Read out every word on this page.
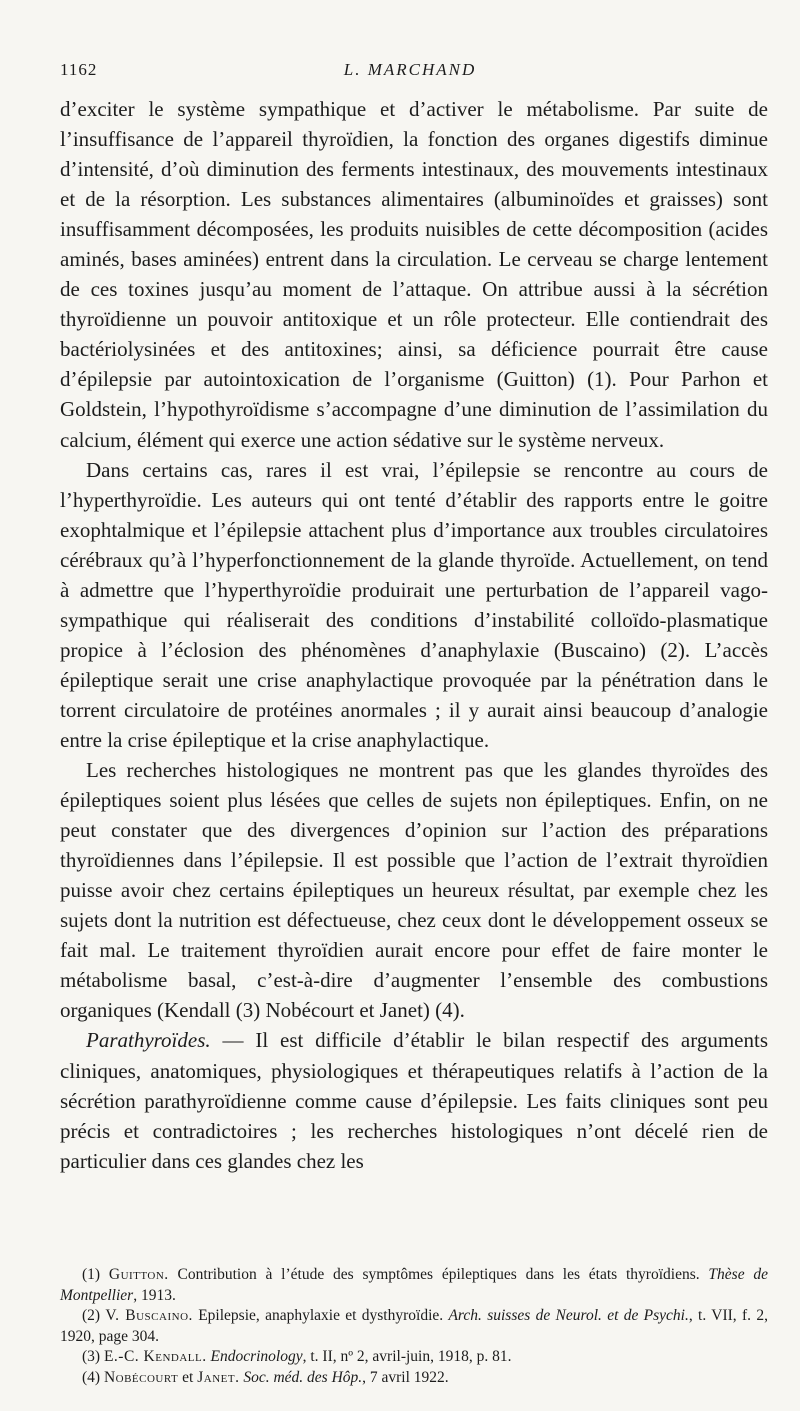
1162	L. MARCHAND

d’exciter le système sympathique et d’activer le métabolisme. Par suite de l’insuffisance de l’appareil thyroïdien, la fonction des organes digestifs diminue d’intensité, d’où diminution des ferments intestinaux, des mouvements intestinaux et de la résorption. Les substances alimentaires (albuminoïdes et graisses) sont insuffisamment décomposées, les produits nuisibles de cette décomposition (acides aminés, bases aminées) entrent dans la circulation. Le cerveau se charge lentement de ces toxines jusqu’au moment de l’attaque. On attribue aussi à la sécrétion thyroïdienne un pouvoir antitoxique et un rôle protecteur. Elle contiendrait des bactériolysinées et des antitoxines; ainsi, sa déficience pourrait être cause d’épilepsie par autointoxication de l’organisme (Guitton) (1). Pour Parhon et Goldstein, l’hypothyroïdisme s’accompagne d’une diminution de l’assimilation du calcium, élément qui exerce une action sédative sur le système nerveux.

Dans certains cas, rares il est vrai, l’épilepsie se rencontre au cours de l’hyperthyroïdie. Les auteurs qui ont tenté d’établir des rapports entre le goitre exophtalmique et l’épilepsie attachent plus d’importance aux troubles circulatoires cérébraux qu’à l’hyperfonctionnement de la glande thyroïde. Actuellement, on tend à admettre que l’hyperthyroïdie produirait une perturbation de l’appareil vago-sympathique qui réaliserait des conditions d’instabilité colloïdo-plasmatique propice à l’éclosion des phénomènes d’anaphylaxie (Buscaino) (2). L’accès épileptique serait une crise anaphylactique provoquée par la pénétration dans le torrent circulatoire de protéines anormales ; il y aurait ainsi beaucoup d’analogie entre la crise épileptique et la crise anaphylactique.

Les recherches histologiques ne montrent pas que les glandes thyroïdes des épileptiques soient plus lésées que celles de sujets non épileptiques. Enfin, on ne peut constater que des divergences d’opinion sur l’action des préparations thyroïdiennes dans l’épilepsie. Il est possible que l’action de l’extrait thyroïdien puisse avoir chez certains épileptiques un heureux résultat, par exemple chez les sujets dont la nutrition est défectueuse, chez ceux dont le développement osseux se fait mal. Le traitement thyroïdien aurait encore pour effet de faire monter le métabolisme basal, c’est-à-dire d’augmenter l’ensemble des combustions organiques (Kendall (3) Nobécourt et Janet) (4).

Parathyroïdes. — Il est difficile d’établir le bilan respectif des arguments cliniques, anatomiques, physiologiques et thérapeutiques relatifs à l’action de la sécrétion parathyroïdienne comme cause d’épilepsie. Les faits cliniques sont peu précis et contradictoires ; les recherches histologiques n’ont décelé rien de particulier dans ces glandes chez les

(1) Guitton. Contribution à l’étude des symptômes épileptiques dans les états thyroïdiens. Thèse de Montpellier, 1913.

(2) V. Buscaino. Epilepsie, anaphylaxie et dysthyroïdie. Arch. suisses de Neurol. et de Psychi., t. VII, f. 2, 1920, page 304.

(3) E.-C. Kendall. Endocrinology, t. II, nº 2, avril-juin, 1918, p. 81.

(4) Nobécourt et Janet. Soc. méd. des Hôp., 7 avril 1922.
